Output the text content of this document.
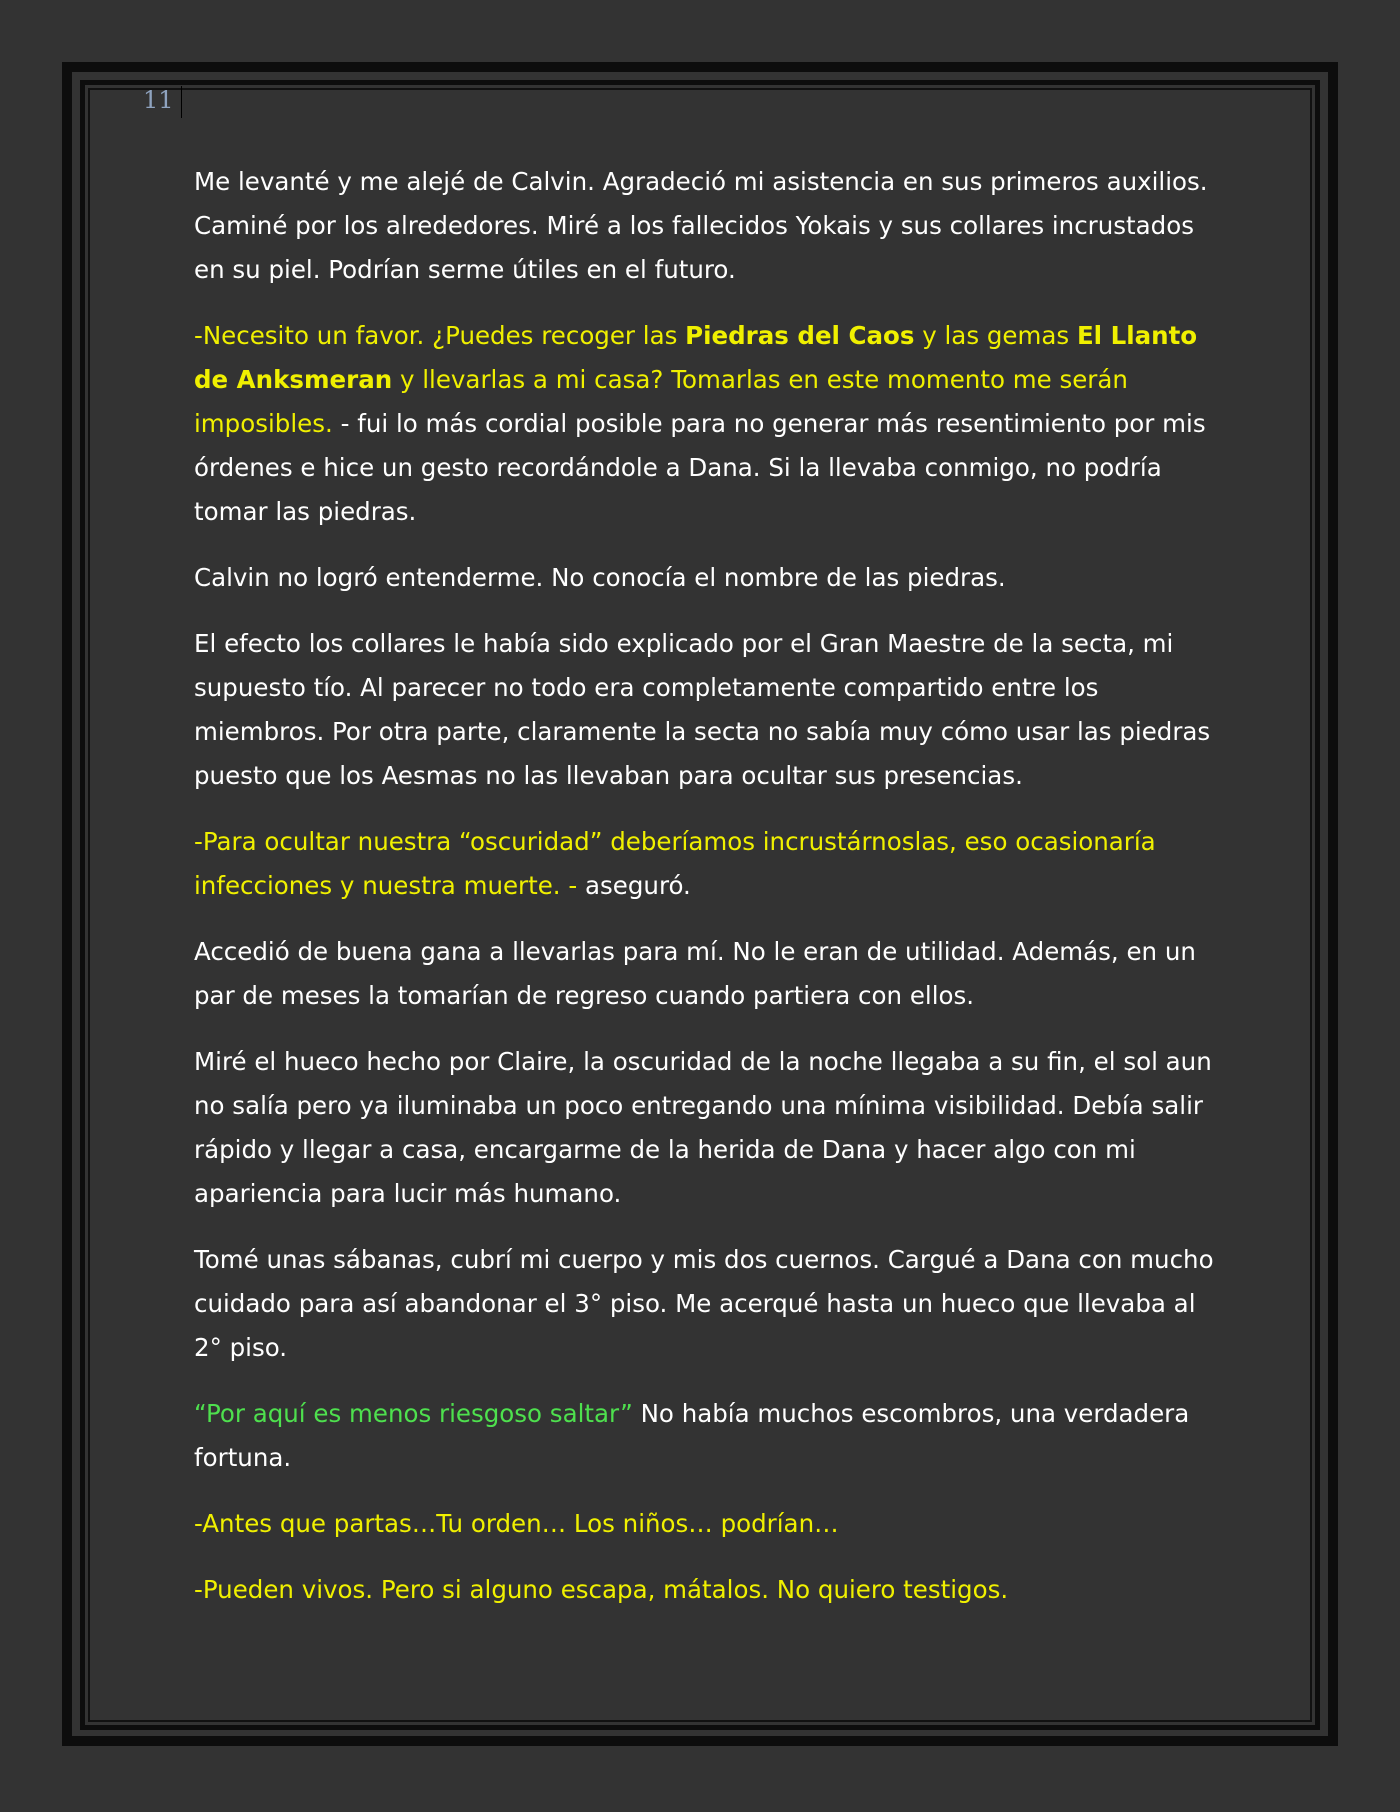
11

Me levanté y me alejé de Calvin. Agradeció mi asistencia en sus primeros auxilios. Caminé por los alrededores. Miré a los fallecidos Yokais y sus collares incrustados en su piel. Podrían serme útiles en el futuro.

-Necesito un favor. ¿Puedes recoger las Piedras del Caos y las gemas El Llanto de Anksmeran y llevarlas a mi casa? Tomarlas en este momento me serán imposibles. - fui lo más cordial posible para no generar más resentimiento por mis órdenes e hice un gesto recordándole a Dana. Si la llevaba conmigo, no podría tomar las piedras.

Calvin no logró entenderme. No conocía el nombre de las piedras.

El efecto los collares le había sido explicado por el Gran Maestre de la secta, mi supuesto tío. Al parecer no todo era completamente compartido entre los miembros. Por otra parte, claramente la secta no sabía muy cómo usar las piedras puesto que los Aesmas no las llevaban para ocultar sus presencias.

-Para ocultar nuestra “oscuridad” deberíamos incrustárnoslas, eso ocasionaría infecciones y nuestra muerte. - aseguró.

Accedió de buena gana a llevarlas para mí. No le eran de utilidad. Además, en un par de meses la tomarían de regreso cuando partiera con ellos.

Miré el hueco hecho por Claire, la oscuridad de la noche llegaba a su fin, el sol aun no salía pero ya iluminaba un poco entregando una mínima visibilidad. Debía salir rápido y llegar a casa, encargarme de la herida de Dana y hacer algo con mi apariencia para lucir más humano.

Tomé unas sábanas, cubrí mi cuerpo y mis dos cuernos. Cargué a Dana con mucho cuidado para así abandonar el 3° piso. Me acerqué hasta un hueco que llevaba al 2° piso.

“Por aquí es menos riesgoso saltar” No había muchos escombros, una verdadera fortuna.

-Antes que partas…Tu orden… Los niños… podrían…

-Pueden vivos. Pero si alguno escapa, mátalos. No quiero testigos.
